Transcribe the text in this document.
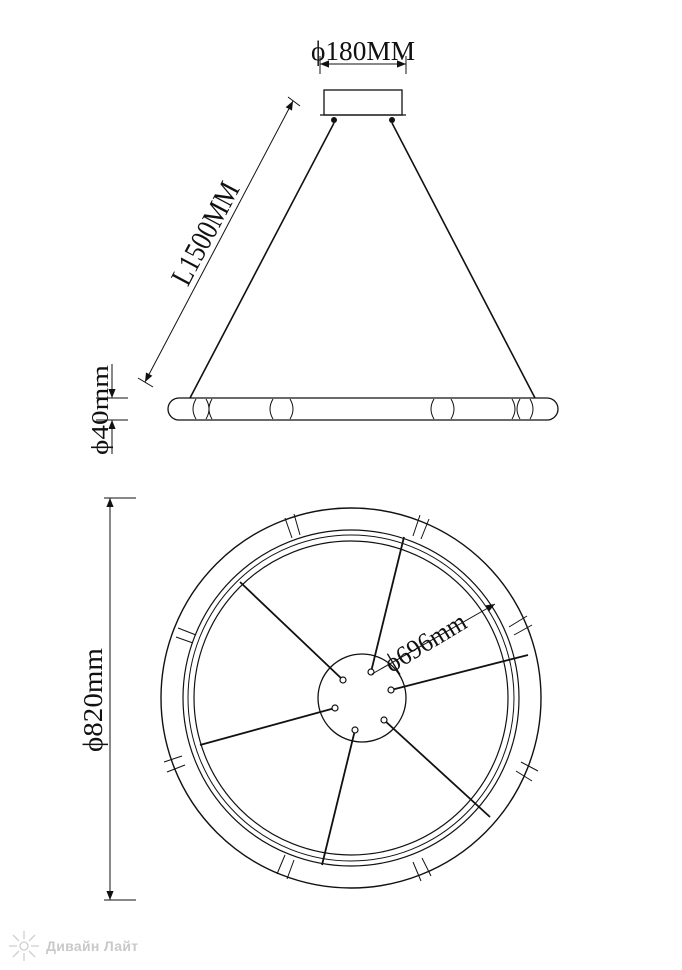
ϕ180MM
L1500MM
ϕ40mm
ϕ820mm
ϕ696mm
Дивайн Лайт
